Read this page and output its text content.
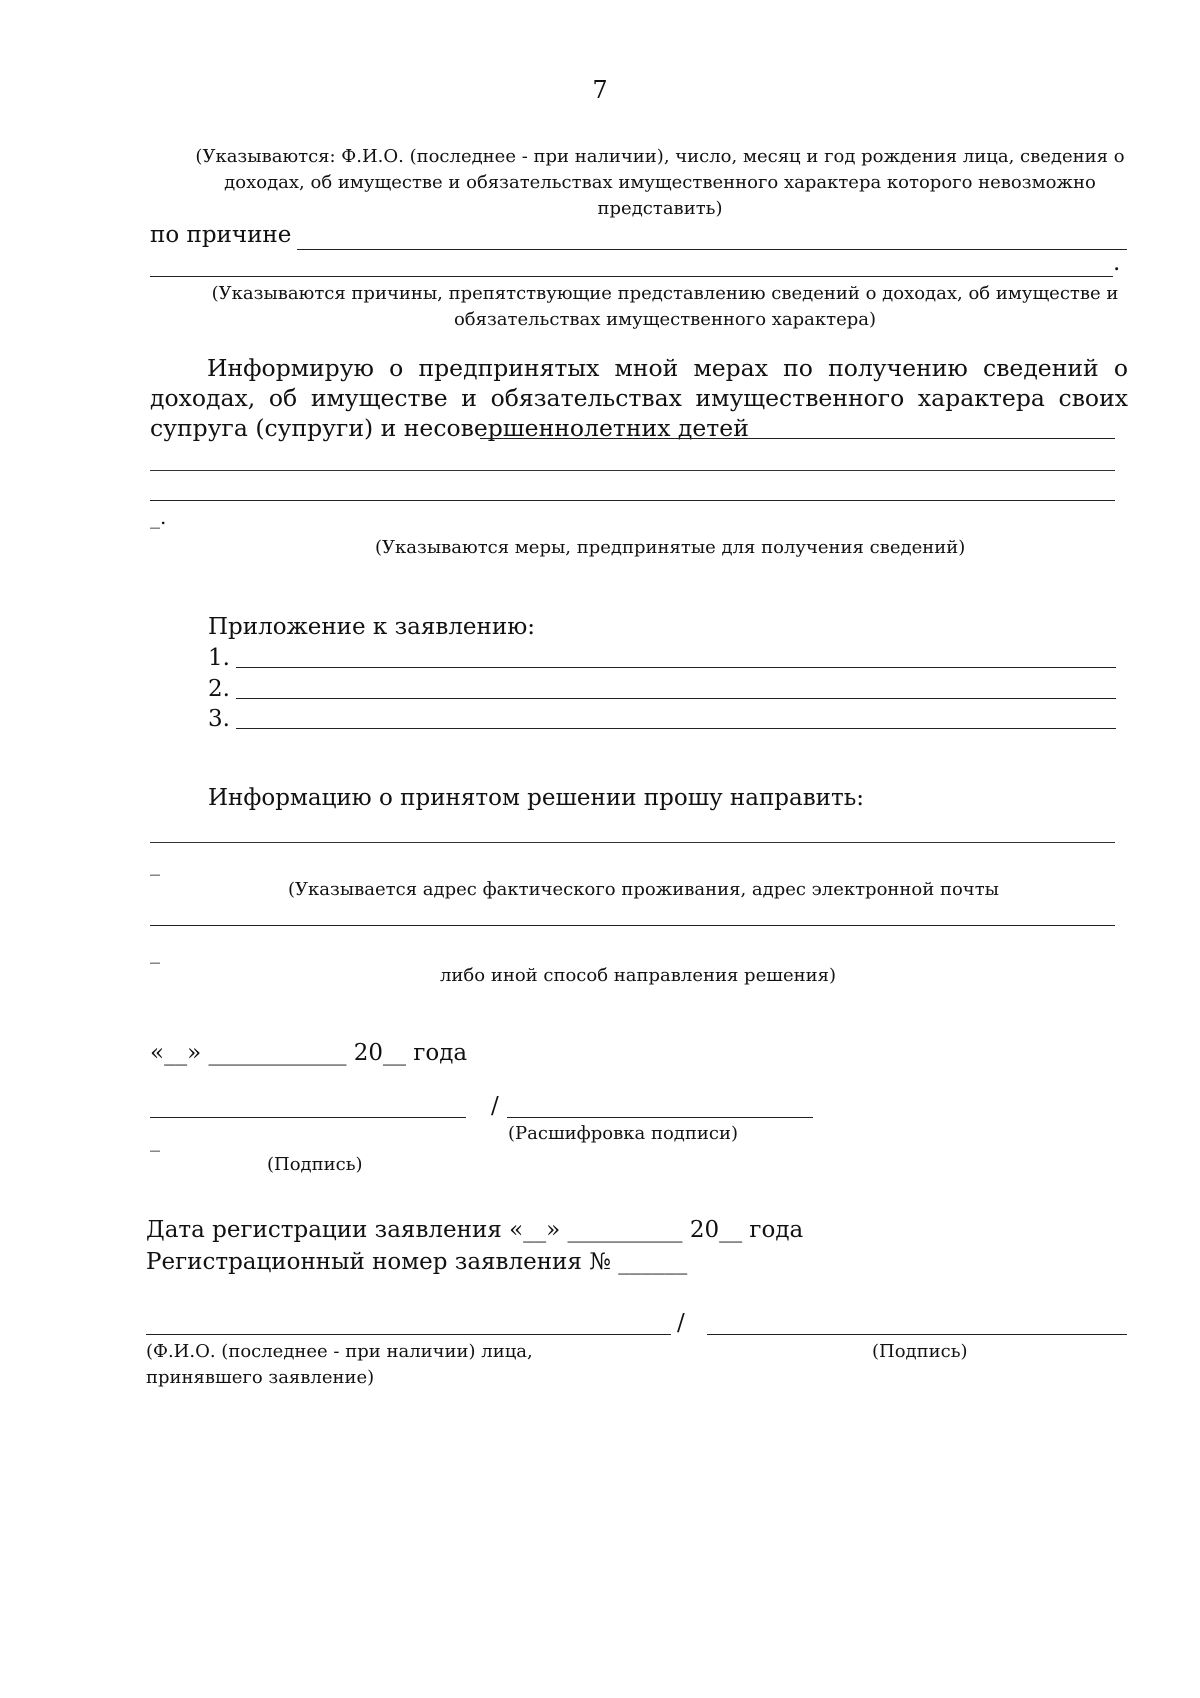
7
(Указываются: Ф.И.О. (последнее - при наличии), число, месяц и год рождения лица, сведения о доходах, об имуществе и обязательствах имущественного характера которого невозможно представить)
по причине
.
(Указываются причины, препятствующие представлению сведений о доходах, об имуществе и обязательствах имущественного характера)
Информирую о предпринятых мной мерах по получению сведений о доходах, об имуществе и обязательствах имущественного характера своих супруга (супруги) и несовершеннолетних детей
_.
(Указываются меры, предпринятые для получения сведений)
Приложение к заявлению:
1.
2.
3.
Информацию о принятом решении прошу направить:
_
(Указывается адрес фактического проживания, адрес электронной почты
_
либо иной способ направления решения)
«__» ____________ 20__ года
/
(Расшифровка подписи)
_
(Подпись)
Дата регистрации заявления «__» __________ 20__ года
Регистрационный номер заявления № ______
/
(Ф.И.О. (последнее - при наличии) лица, принявшего заявление)
(Подпись)
